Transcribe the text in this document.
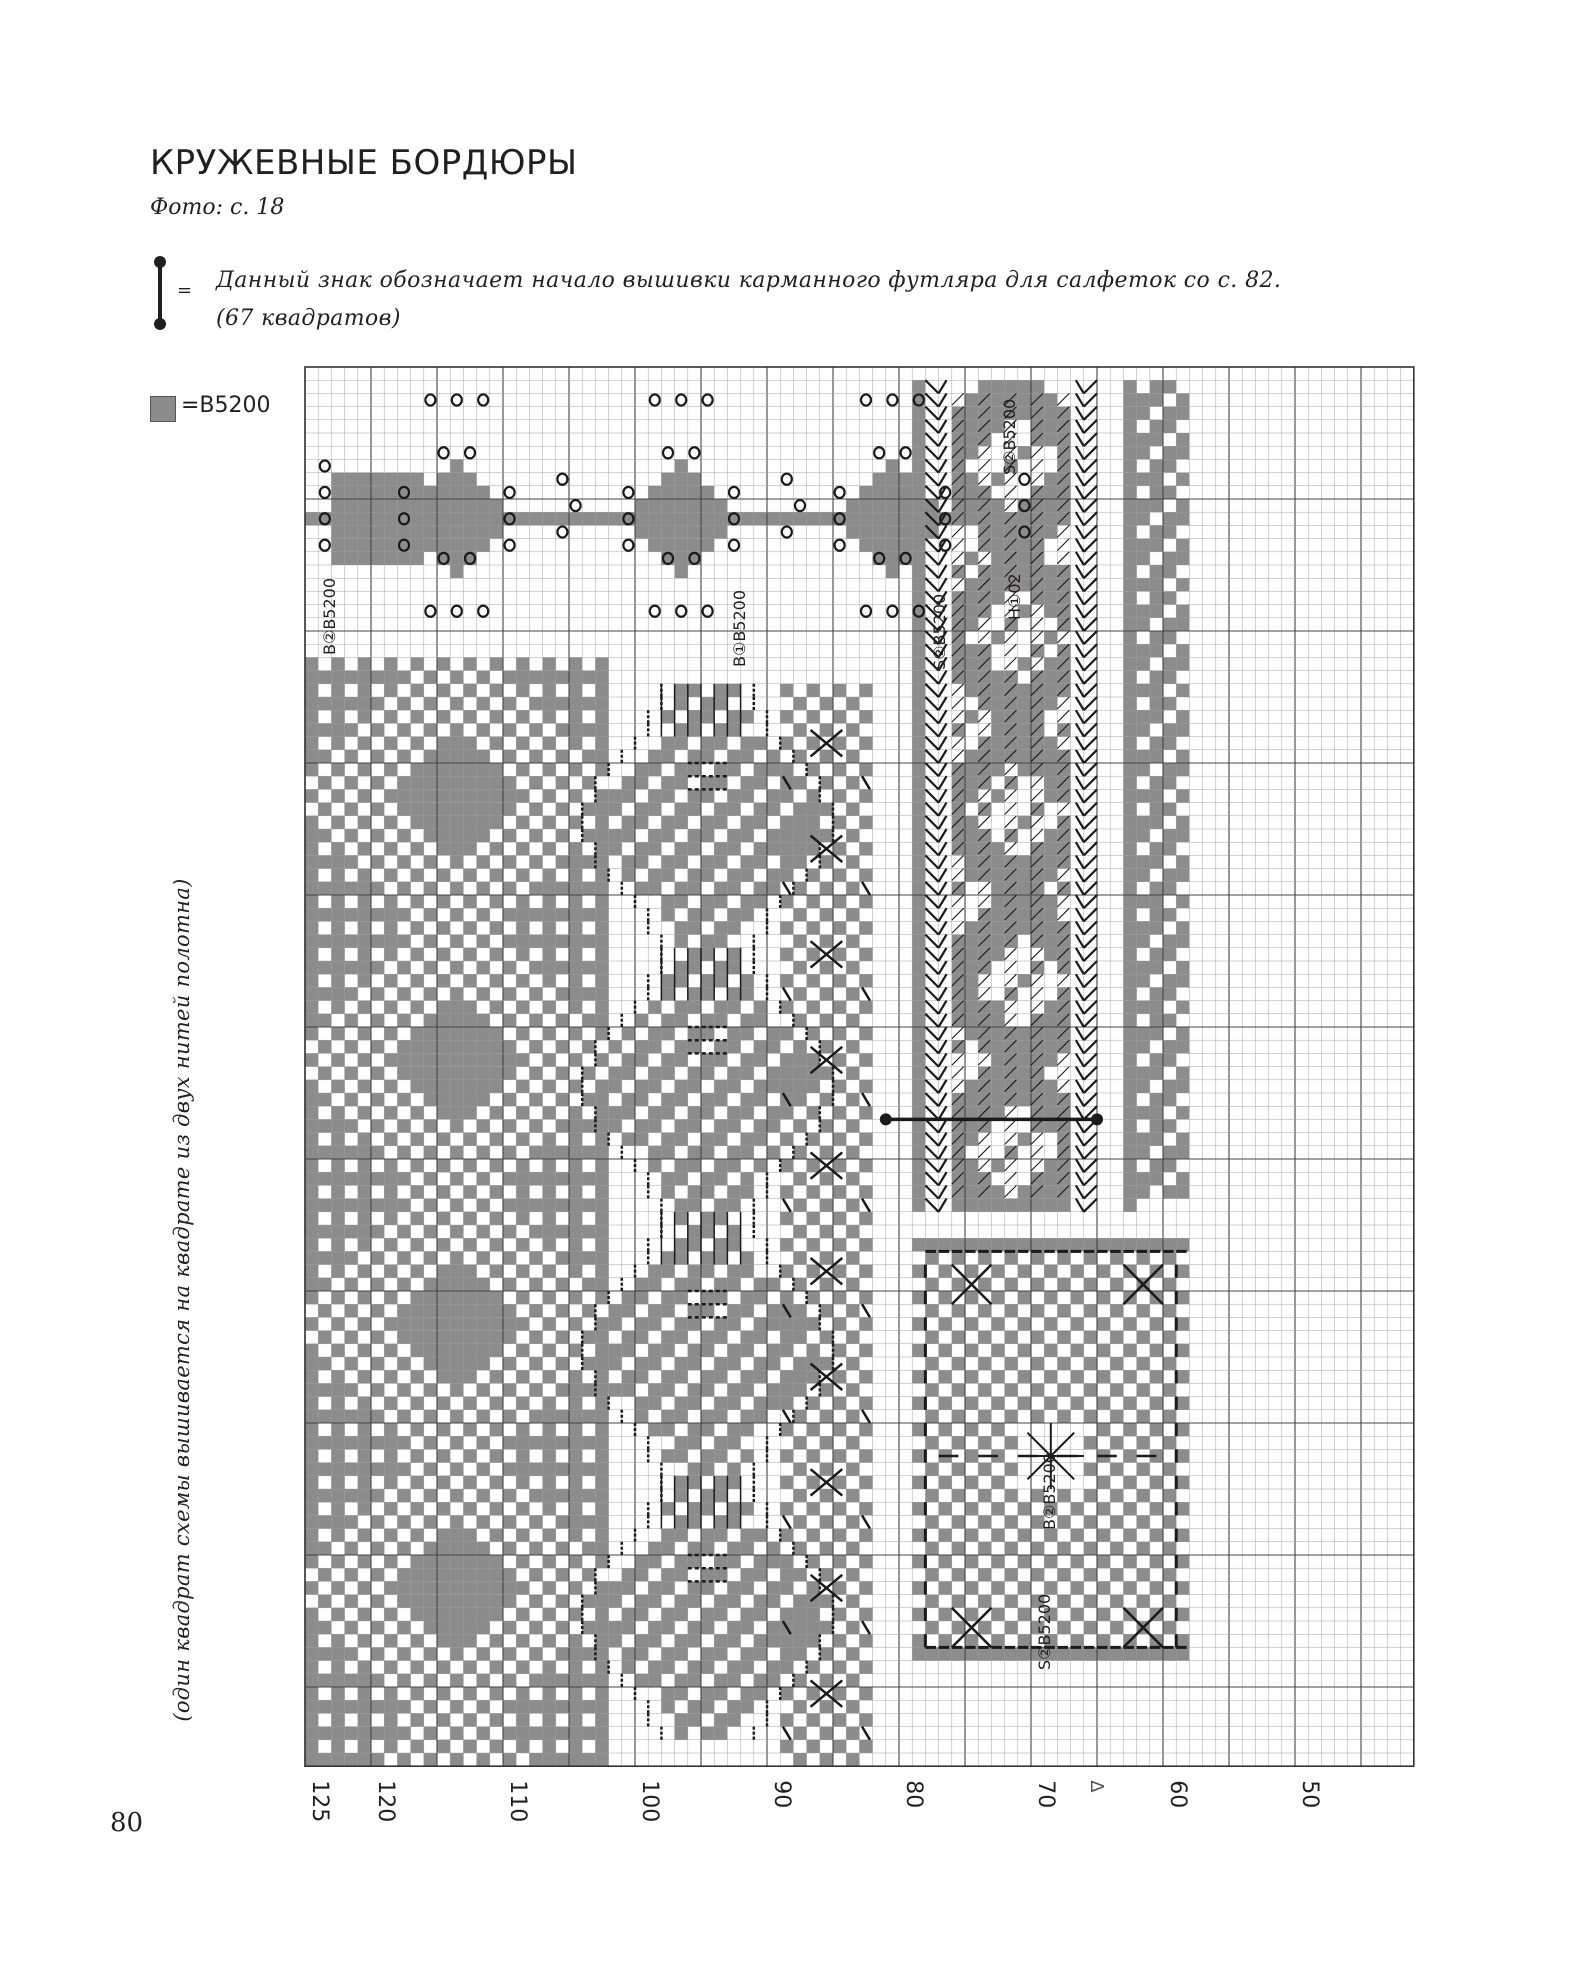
КРУЖЕВНЫЕ БОРДЮРЫ
Фото: с. 18
= Данный знак обозначает начало вышивки карманного футляра для салфеток со с. 82.
(67 квадратов)
=B5200
(один квадрат схемы вышивается на квадрате из двух нитей полотна)
80
125 120	110	100	90	80	70	60	50
Δ
B②B5200	B①B5200	S②B5200
S②B5200
H①02
B②B5200
S②B5200
